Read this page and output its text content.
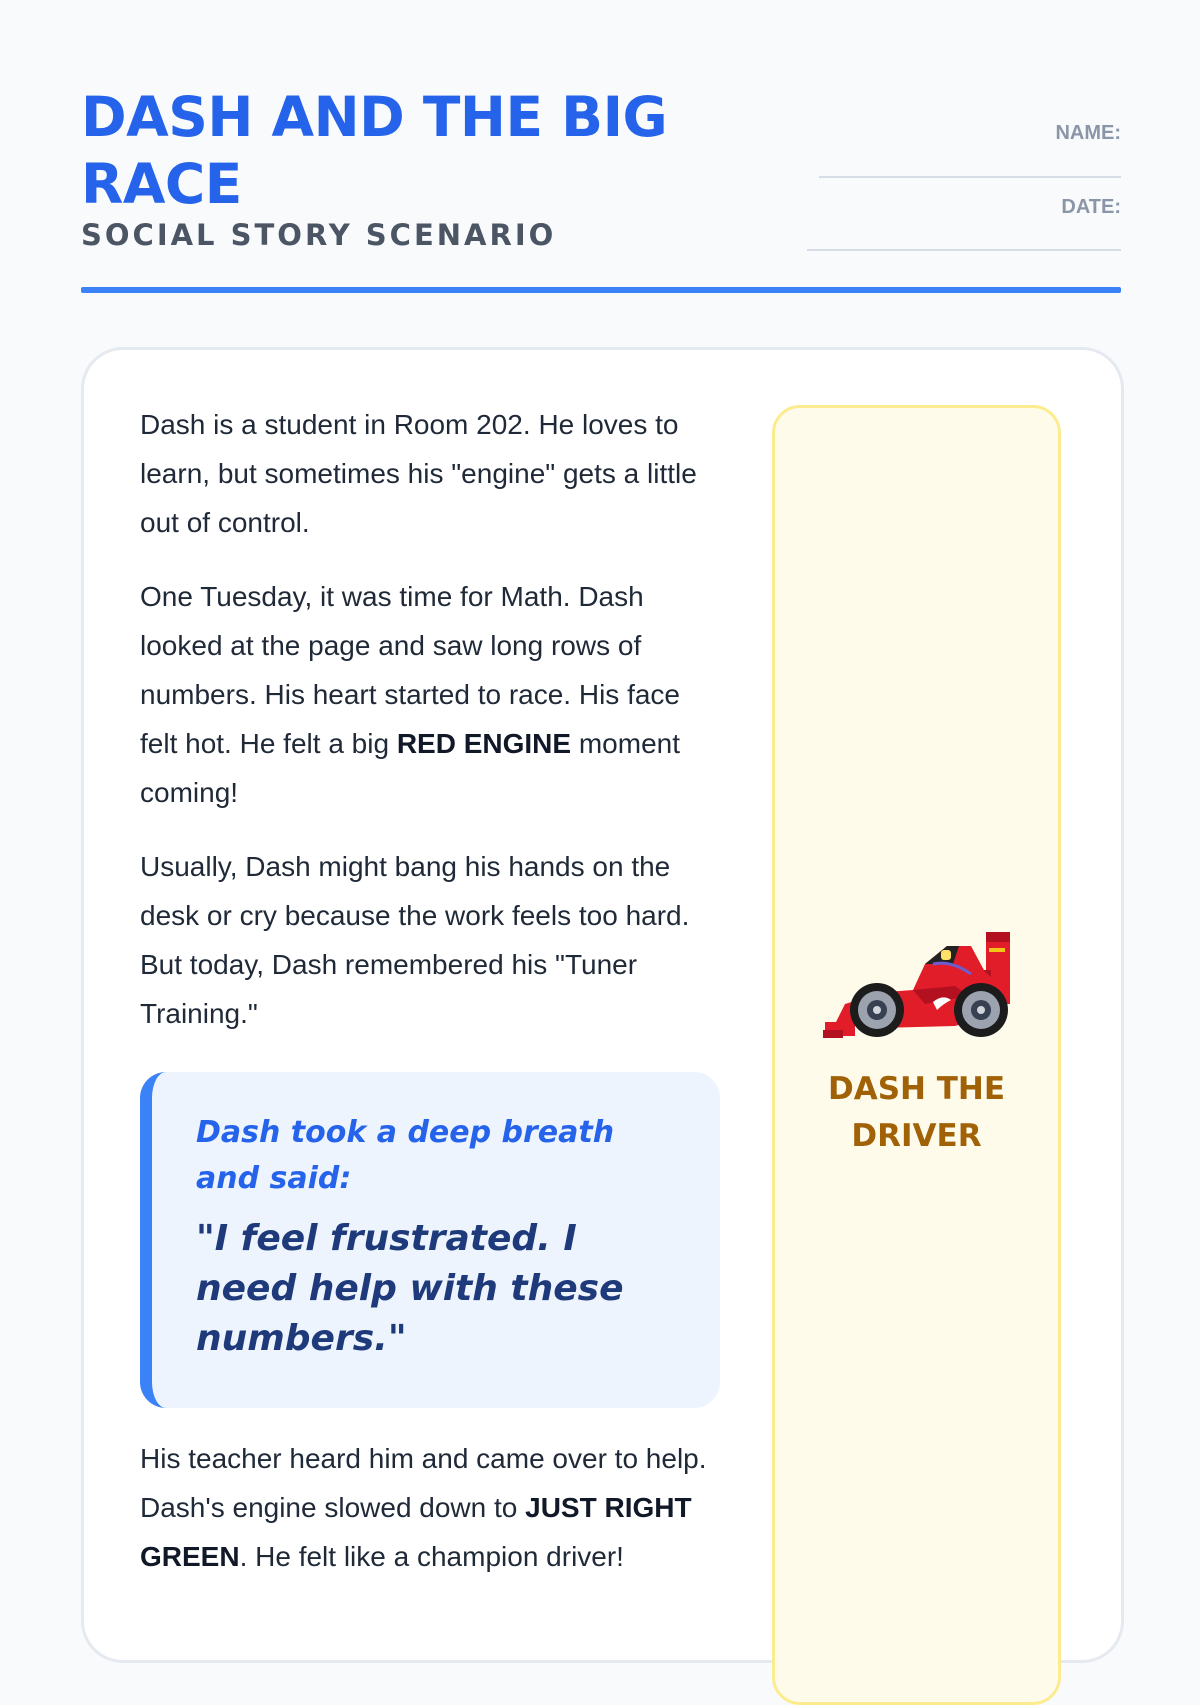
DASH AND THE BIG RACE
SOCIAL STORY SCENARIO
NAME:
DATE:

Dash is a student in Room 202. He loves to learn, but sometimes his "engine" gets a little out of control.

One Tuesday, it was time for Math. Dash looked at the page and saw long rows of numbers. His heart started to race. His face felt hot. He felt a big RED ENGINE moment coming!

Usually, Dash might bang his hands on the desk or cry because the work feels too hard. But today, Dash remembered his "Tuner Training."

Dash took a deep breath and said:

"I feel frustrated. I need help with these numbers."

His teacher heard him and came over to help. Dash's engine slowed down to JUST RIGHT GREEN. He felt like a champion driver!

DASH THE DRIVER
